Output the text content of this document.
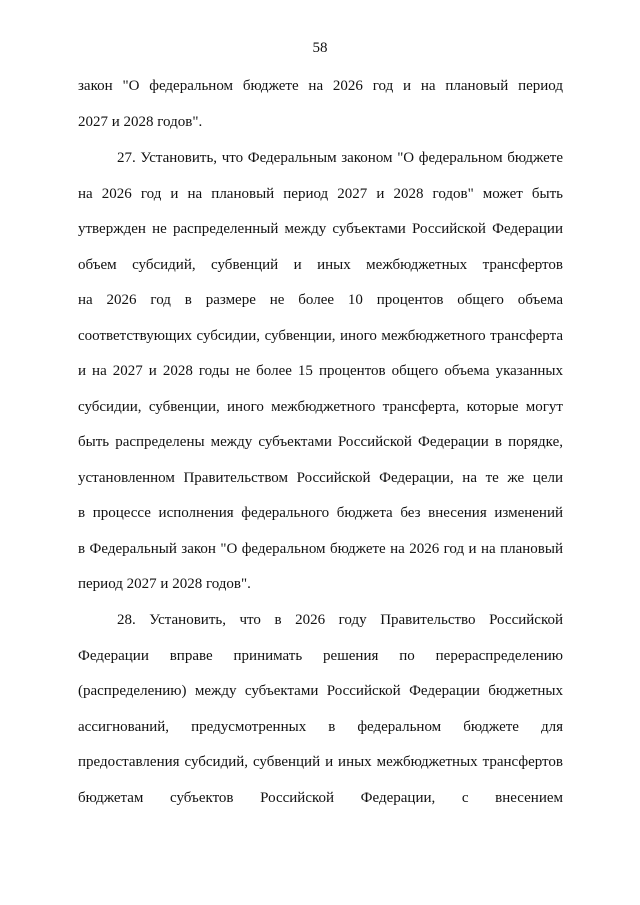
58
закон "О федеральном бюджете на 2026 год и на плановый период
2027 и 2028 годов".
27. Установить, что Федеральным законом "О федеральном бюджете
на 2026 год и на плановый период 2027 и 2028 годов" может быть
утвержден не распределенный между субъектами Российской Федерации
объем субсидий, субвенций и иных межбюджетных трансфертов
на 2026 год в размере не более 10 процентов общего объема
соответствующих субсидии, субвенции, иного межбюджетного трансферта
и на 2027 и 2028 годы не более 15 процентов общего объема указанных
субсидии, субвенции, иного межбюджетного трансферта, которые могут
быть распределены между субъектами Российской Федерации в порядке,
установленном Правительством Российской Федерации, на те же цели
в процессе исполнения федерального бюджета без внесения изменений
в Федеральный закон "О федеральном бюджете на 2026 год и на плановый
период 2027 и 2028 годов".
28. Установить, что в 2026 году Правительство Российской
Федерации вправе принимать решения по перераспределению
(распределению) между субъектами Российской Федерации бюджетных
ассигнований, предусмотренных в федеральном бюджете для
предоставления субсидий, субвенций и иных межбюджетных трансфертов
бюджетам субъектов Российской Федерации, с внесением
